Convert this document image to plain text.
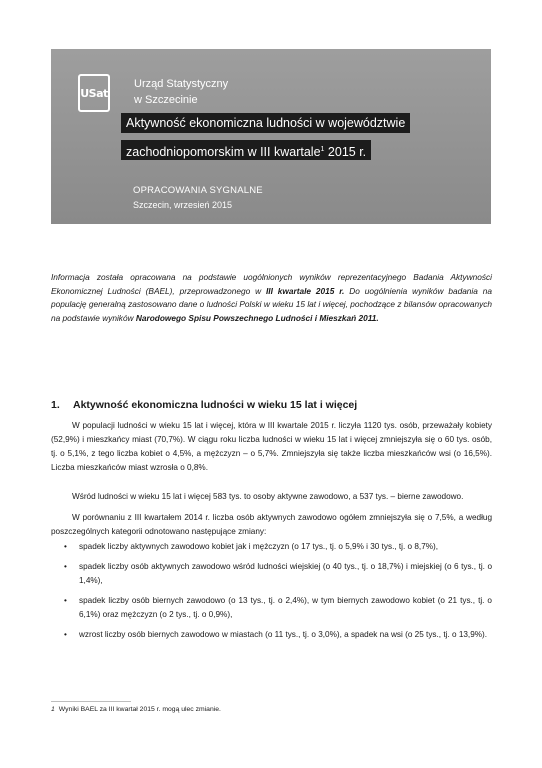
USat
Urząd Statystyczny
w Szczecinie
Aktywność ekonomiczna ludności w województwie
zachodniopomorskim w III kwartale$^1$ 2015 r.
OPRACOWANIA SYGNALNE
Szczecin, wrzesień 2015
Informacja została opracowana na podstawie uogólnionych wyników reprezentacyjnego Badania Aktywności Ekonomicznej Ludności (BAEL), przeprowadzonego w III kwartale 2015 r. Do uogólnienia wyników badania na populację generalną zastosowano dane o ludności Polski w wieku 15 lat i więcej, pochodzące z bilansów opracowanych na podstawie wyników Narodowego Spisu Powszechnego Ludności i Mieszkań 2011.
1. Aktywność ekonomiczna ludności w wieku 15 lat i więcej
W populacji ludności w wieku 15 lat i więcej, która w III kwartale 2015 r. liczyła 1120 tys. osób, przeważały kobiety (52,9%) i mieszkańcy miast (70,7%). W ciągu roku liczba ludności w wieku 15 lat i więcej zmniejszyła się o 60 tys. osób, tj. o 5,1%, z tego liczba kobiet o 4,5%, a mężczyzn – o 5,7%. Zmniejszyła się także liczba mieszkańców wsi (o 16,5%). Liczba mieszkańców miast wzrosła o 0,8%.
Wśród ludności w wieku 15 lat i więcej 583 tys. to osoby aktywne zawodowo, a 537 tys. – bierne zawodowo.
W porównaniu z III kwartałem 2014 r. liczba osób aktywnych zawodowo ogółem zmniejszyła się o 7,5%, a według poszczególnych kategorii odnotowano następujące zmiany:
• spadek liczby aktywnych zawodowo kobiet jak i mężczyzn (o 17 tys., tj. o 5,9% i 30 tys., tj. o 8,7%),
• spadek liczby osób aktywnych zawodowo wśród ludności wiejskiej (o 40 tys., tj. o 18,7%) i miejskiej (o 6 tys., tj. o 1,4%),
• spadek liczby osób biernych zawodowo (o 13 tys., tj. o 2,4%), w tym biernych zawodowo kobiet (o 21 tys., tj. o 6,1%) oraz mężczyzn (o 2 tys., tj. o 0,9%),
• wzrost liczby osób biernych zawodowo w miastach (o 11 tys., tj. o 3,0%), a spadek na wsi (o 25 tys., tj. o 13,9%).
1 Wyniki BAEL za III kwartał 2015 r. mogą ulec zmianie.
